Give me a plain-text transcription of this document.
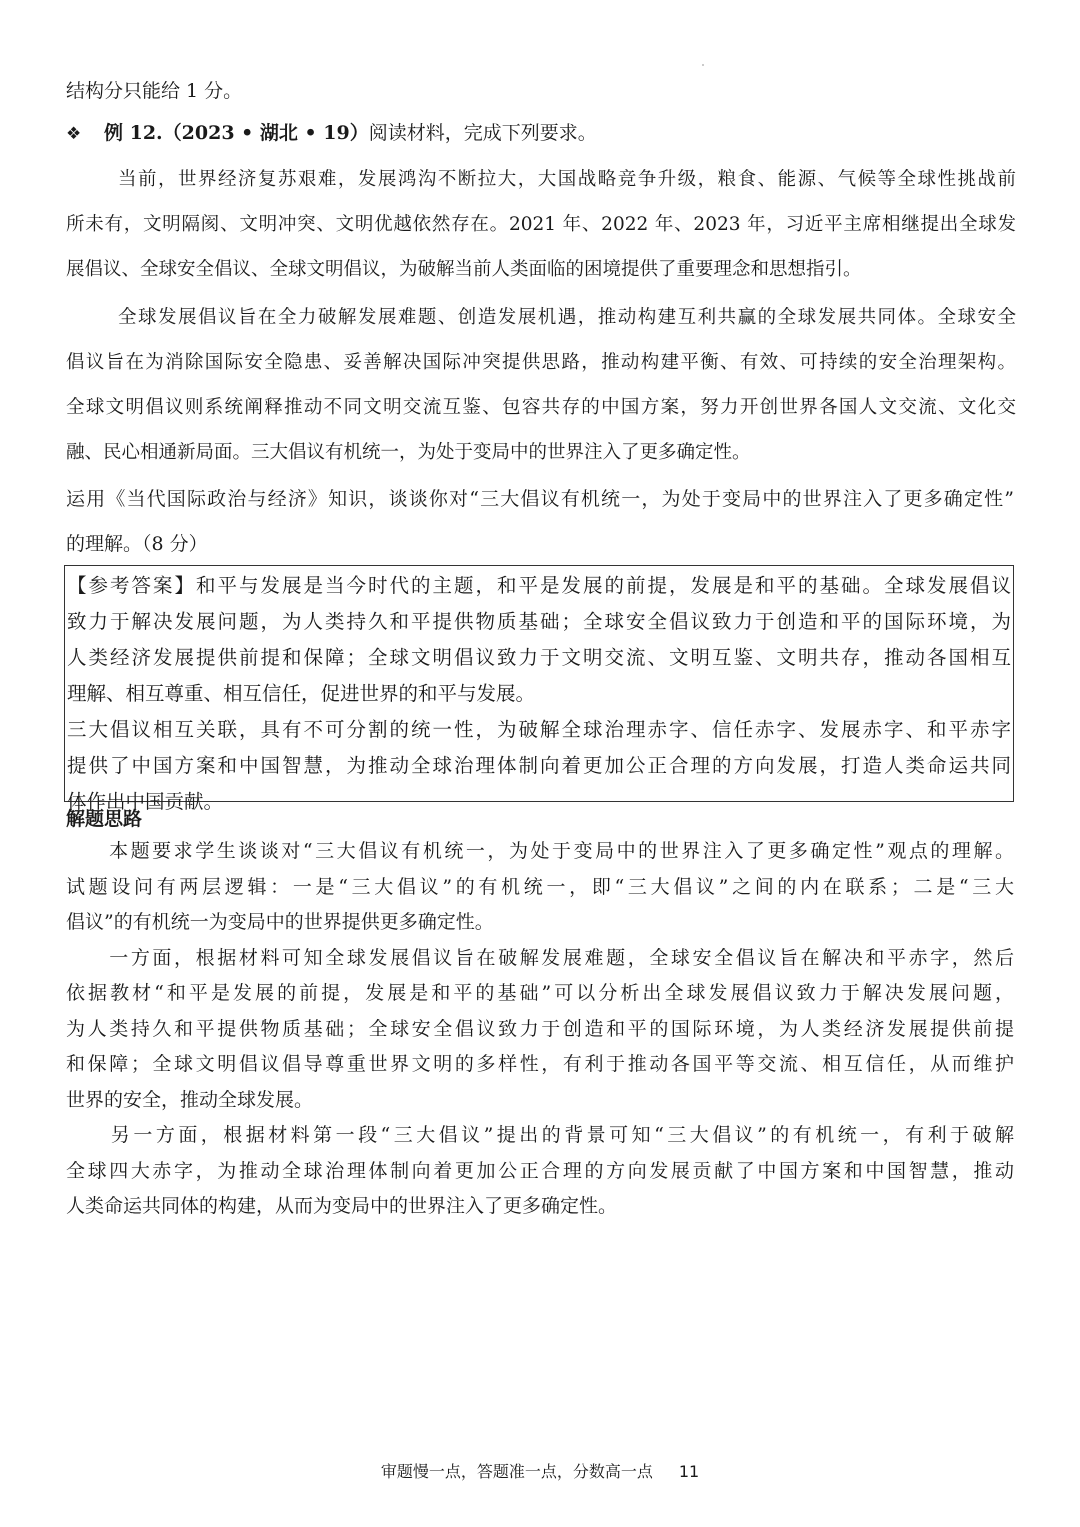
结构分只能给 1 分。
❖ 例 12.（2023 • 湖北 • 19）阅读材料，完成下列要求。
当前，世界经济复苏艰难，发展鸿沟不断拉大，大国战略竞争升级，粮食、能源、气候等全球性挑战前
所未有，文明隔阂、文明冲突、文明优越依然存在。2021 年、2022 年、2023 年，习近平主席相继提出全球发
展倡议、全球安全倡议、全球文明倡议，为破解当前人类面临的困境提供了重要理念和思想指引。
全球发展倡议旨在全力破解发展难题、创造发展机遇，推动构建互利共赢的全球发展共同体。全球安全
倡议旨在为消除国际安全隐患、妥善解决国际冲突提供思路，推动构建平衡、有效、可持续的安全治理架构。
全球文明倡议则系统阐释推动不同文明交流互鉴、包容共存的中国方案，努力开创世界各国人文交流、文化交
融、民心相通新局面。三大倡议有机统一，为处于变局中的世界注入了更多确定性。
运用《当代国际政治与经济》知识，谈谈你对“三大倡议有机统一，为处于变局中的世界注入了更多确定性”
的理解。（8 分）
【参考答案】和平与发展是当今时代的主题，和平是发展的前提，发展是和平的基础。全球发展倡议
致力于解决发展问题，为人类持久和平提供物质基础；全球安全倡议致力于创造和平的国际环境，为
人类经济发展提供前提和保障；全球文明倡议致力于文明交流、文明互鉴、文明共存，推动各国相互
理解、相互尊重、相互信任，促进世界的和平与发展。
三大倡议相互关联，具有不可分割的统一性，为破解全球治理赤字、信任赤字、发展赤字、和平赤字
提供了中国方案和中国智慧，为推动全球治理体制向着更加公正合理的方向发展，打造人类命运共同
体作出中国贡献。
解题思路
　　本题要求学生谈谈对“三大倡议有机统一，为处于变局中的世界注入了更多确定性”观点的理解。
试题设问有两层逻辑：一是“三大倡议”的有机统一，即“三大倡议”之间的内在联系；二是“三大
倡议”的有机统一为变局中的世界提供更多确定性。
　　一方面，根据材料可知全球发展倡议旨在破解发展难题，全球安全倡议旨在解决和平赤字，然后
依据教材“和平是发展的前提，发展是和平的基础”可以分析出全球发展倡议致力于解决发展问题，
为人类持久和平提供物质基础；全球安全倡议致力于创造和平的国际环境，为人类经济发展提供前提
和保障；全球文明倡议倡导尊重世界文明的多样性，有利于推动各国平等交流、相互信任，从而维护
世界的安全，推动全球发展。
　　另一方面，根据材料第一段“三大倡议”提出的背景可知“三大倡议”的有机统一，有利于破解
全球四大赤字，为推动全球治理体制向着更加公正合理的方向发展贡献了中国方案和中国智慧，推动
人类命运共同体的构建，从而为变局中的世界注入了更多确定性。
审题慢一点，答题准一点，分数高一点 11
